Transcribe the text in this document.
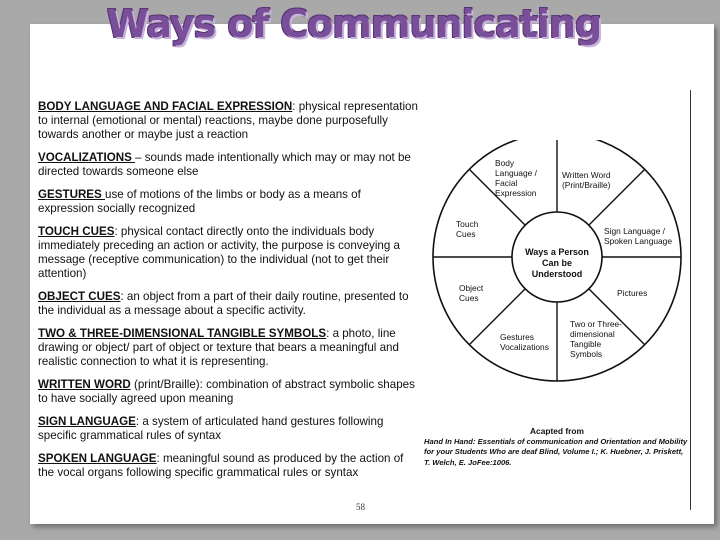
Ways of Communicating
BODY LANGUAGE AND FACIAL EXPRESSION: physical representation to internal (emotional or mental) reactions, maybe done purposefully towards another or maybe just a reaction
VOCALIZATIONS – sounds made intentionally which may or may not be directed towards someone else
GESTURES use of motions of the limbs or body as a means of expression socially recognized
TOUCH CUES: physical contact directly onto the individuals body immediately preceding an action or activity, the purpose is conveying a message (receptive communication) to the individual (not to get their attention)
OBJECT CUES: an object from a part of their daily routine, presented to the individual as a message about a specific activity.
TWO & THREE-DIMENSIONAL TANGIBLE SYMBOLS: a photo, line drawing or object/ part of object or texture that bears a meaningful and realistic connection to what it is representing.
WRITTEN WORD (print/Braille): combination of abstract symbolic shapes to have socially agreed upon meaning
SIGN LANGUAGE: a system of articulated hand gestures following specific grammatical rules of syntax
SPOKEN LANGUAGE: meaningful sound as produced by the action of the vocal organs following specific grammatical rules or syntax
Body Language / Facial Expression
Written Word (Print/Braille)
Sign Language / Spoken Language
Pictures
Two or Three-dimensional Tangible Symbols
Gestures Vocalizations
Object Cues
Touch Cues
Ways a Person Can be Understood
Acapted from
Hand In Hand: Essentials of communication and Orientation and Mobility for your Students Who are deaf Blind, Volume I.; K. Huebner, J. Priskett, T. Welch, E. JoFee:1006.
58
